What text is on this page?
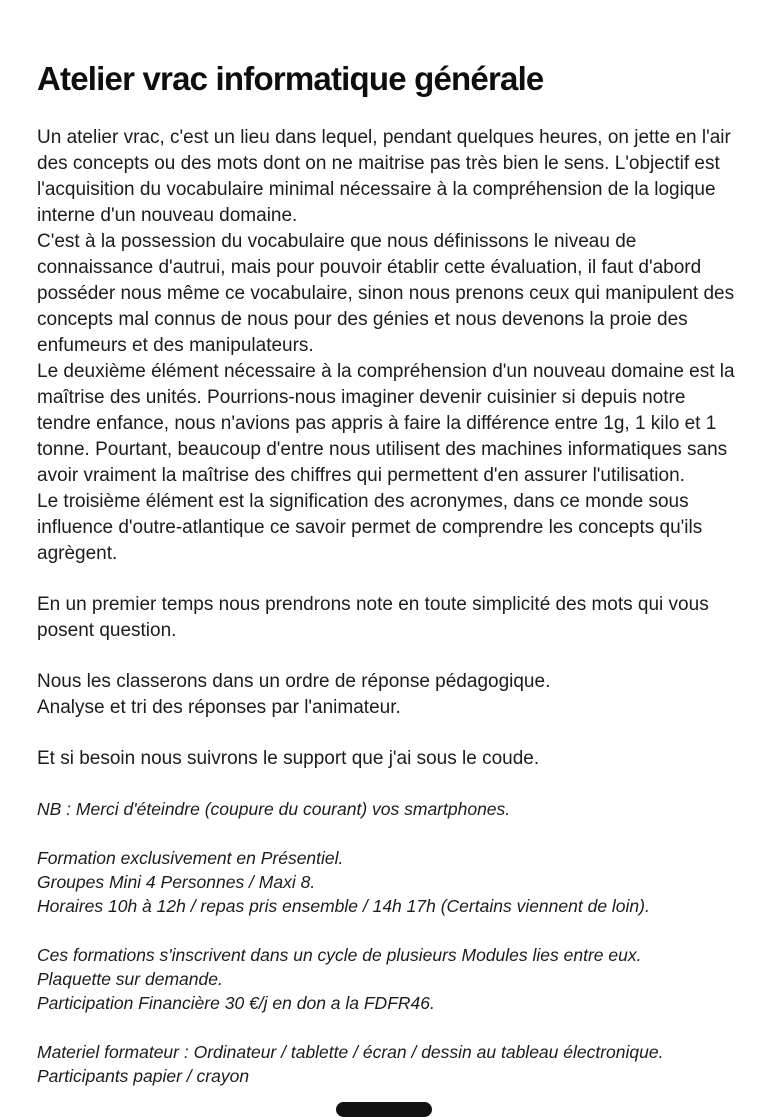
Atelier vrac informatique générale

Un atelier vrac, c'est un lieu dans lequel, pendant quelques heures, on jette en l'air des concepts ou des mots dont on ne maitrise pas très bien le sens. L'objectif est l'acquisition du vocabulaire minimal nécessaire à la compréhension de la logique interne d'un nouveau domaine.

C'est à la possession du vocabulaire que nous définissons le niveau de connaissance d'autrui, mais pour pouvoir établir cette évaluation, il faut d'abord posséder nous même ce vocabulaire, sinon nous prenons ceux qui manipulent des concepts mal connus de nous pour des génies et nous devenons la proie des enfumeurs et des manipulateurs.

Le deuxième élément nécessaire à la compréhension d'un nouveau domaine est la maîtrise des unités. Pourrions-nous imaginer devenir cuisinier si depuis notre tendre enfance, nous n'avions pas appris à faire la différence entre 1g, 1 kilo et 1 tonne. Pourtant, beaucoup d'entre nous utilisent des machines informatiques sans avoir vraiment la maîtrise des chiffres qui permettent d'en assurer l'utilisation.

Le troisième élément est la signification des acronymes, dans ce monde sous influence d'outre-atlantique ce savoir permet de comprendre les concepts qu'ils agrègent.

En un premier temps nous prendrons note en toute simplicité des mots qui vous posent question.

Nous les classerons dans un ordre de réponse pédagogique.

Analyse et tri des réponses par l'animateur.

Et si besoin nous suivrons le support que j'ai sous le coude.

NB : Merci d'éteindre (coupure du courant) vos smartphones.

Formation exclusivement en Présentiel.

Groupes Mini 4 Personnes / Maxi 8.

Horaires 10h à 12h / repas pris ensemble / 14h 17h (Certains viennent de loin).

Ces formations s'inscrivent dans un cycle de plusieurs Modules lies entre eux.

Plaquette sur demande.

Participation Financière 30 €/j en don a la FDFR46.

Materiel formateur : Ordinateur / tablette / écran / dessin au tableau électronique.

Participants papier / crayon
